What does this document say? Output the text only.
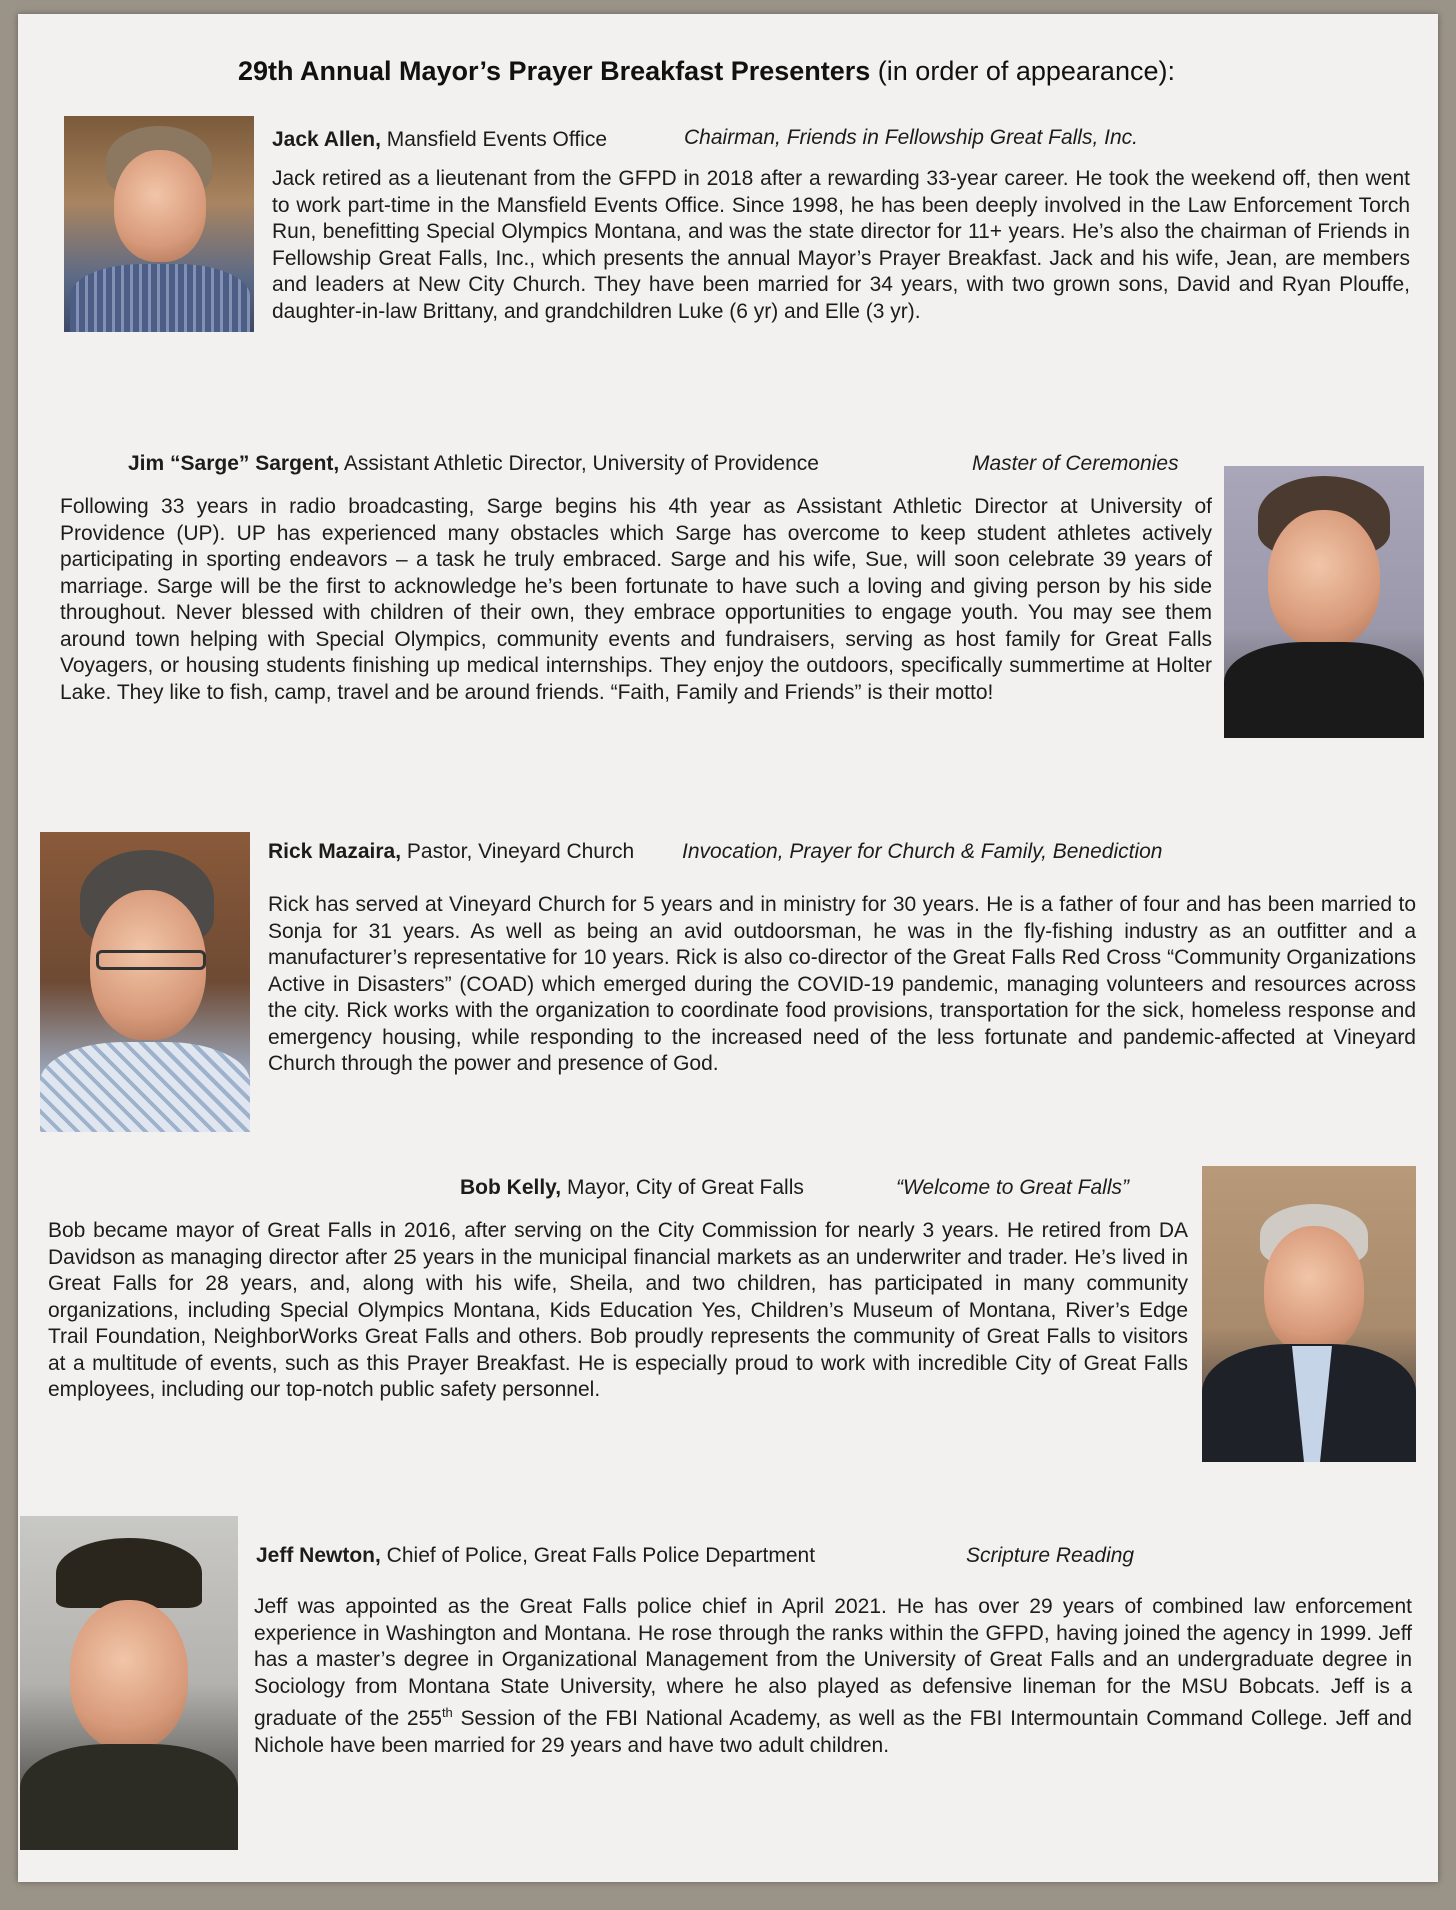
29th Annual Mayor’s Prayer Breakfast Presenters (in order of appearance):
Jack Allen, Mansfield Events Office	Chairman, Friends in Fellowship Great Falls, Inc.
Jack retired as a lieutenant from the GFPD in 2018 after a rewarding 33-year career. He took the weekend off, then went to work part-time in the Mansfield Events Office. Since 1998, he has been deeply involved in the Law Enforcement Torch Run, benefitting Special Olympics Montana, and was the state director for 11+ years. He’s also the chairman of Friends in Fellowship Great Falls, Inc., which presents the annual Mayor’s Prayer Breakfast. Jack and his wife, Jean, are members and leaders at New City Church. They have been married for 34 years, with two grown sons, David and Ryan Plouffe, daughter-in-law Brittany, and grandchildren Luke (6 yr) and Elle (3 yr).
Jim “Sarge” Sargent, Assistant Athletic Director, University of Providence	Master of Ceremonies
Following 33 years in radio broadcasting, Sarge begins his 4th year as Assistant Athletic Director at University of Providence (UP). UP has experienced many obstacles which Sarge has overcome to keep student athletes actively participating in sporting endeavors – a task he truly embraced. Sarge and his wife, Sue, will soon celebrate 39 years of marriage. Sarge will be the first to acknowledge he’s been fortunate to have such a loving and giving person by his side throughout. Never blessed with children of their own, they embrace opportunities to engage youth. You may see them around town helping with Special Olympics, community events and fundraisers, serving as host family for Great Falls Voyagers, or housing students finishing up medical internships. They enjoy the outdoors, specifically summertime at Holter Lake. They like to fish, camp, travel and be around friends. “Faith, Family and Friends” is their motto!
Rick Mazaira, Pastor, Vineyard Church Invocation, Prayer for Church & Family, Benediction
Rick has served at Vineyard Church for 5 years and in ministry for 30 years. He is a father of four and has been married to Sonja for 31 years. As well as being an avid outdoorsman, he was in the fly-fishing industry as an outfitter and a manufacturer’s representative for 10 years. Rick is also co-director of the Great Falls Red Cross “Community Organizations Active in Disasters” (COAD) which emerged during the COVID-19 pandemic, managing volunteers and resources across the city. Rick works with the organization to coordinate food provisions, transportation for the sick, homeless response and emergency housing, while responding to the increased need of the less fortunate and pandemic-affected at Vineyard Church through the power and presence of God.
Bob Kelly, Mayor, City of Great Falls	“Welcome to Great Falls”
Bob became mayor of Great Falls in 2016, after serving on the City Commission for nearly 3 years. He retired from DA Davidson as managing director after 25 years in the municipal financial markets as an underwriter and trader. He’s lived in Great Falls for 28 years, and, along with his wife, Sheila, and two children, has participated in many community organizations, including Special Olympics Montana, Kids Education Yes, Children’s Museum of Montana, River’s Edge Trail Foundation, NeighborWorks Great Falls and others. Bob proudly represents the community of Great Falls to visitors at a multitude of events, such as this Prayer Breakfast. He is especially proud to work with incredible City of Great Falls employees, including our top-notch public safety personnel.
Jeff Newton, Chief of Police, Great Falls Police Department	Scripture Reading
Jeff was appointed as the Great Falls police chief in April 2021. He has over 29 years of combined law enforcement experience in Washington and Montana. He rose through the ranks within the GFPD, having joined the agency in 1999. Jeff has a master’s degree in Organizational Management from the University of Great Falls and an undergraduate degree in Sociology from Montana State University, where he also played as defensive lineman for the MSU Bobcats. Jeff is a graduate of the 255th Session of the FBI National Academy, as well as the FBI Intermountain Command College. Jeff and Nichole have been married for 29 years and have two adult children.
